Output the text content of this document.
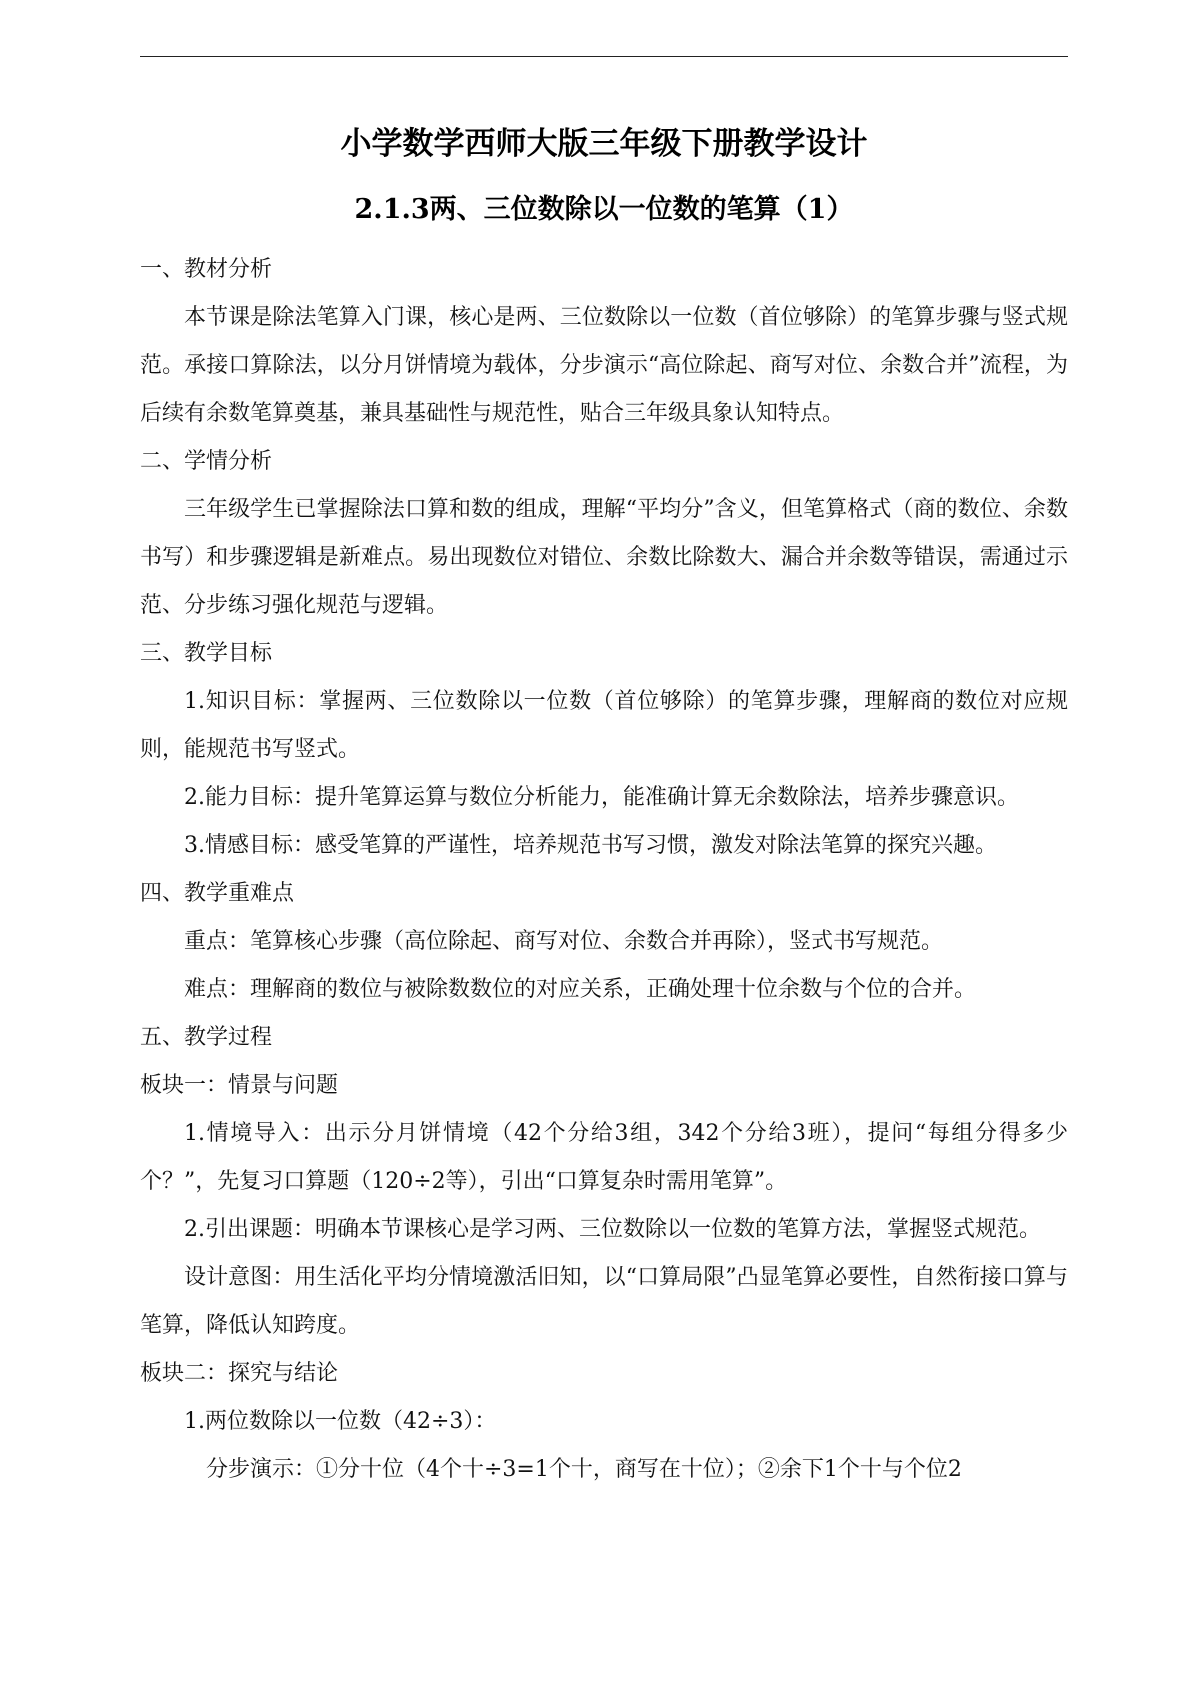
小学数学西师大版三年级下册教学设计
2.1.3两、三位数除以一位数的笔算（1）

一、教材分析

本节课是除法笔算入门课，核心是两、三位数除以一位数（首位够除）的笔算步骤与竖式规范。承接口算除法，以分月饼情境为载体，分步演示“高位除起、商写对位、余数合并”流程，为后续有余数笔算奠基，兼具基础性与规范性，贴合三年级具象认知特点。

二、学情分析

三年级学生已掌握除法口算和数的组成，理解“平均分”含义，但笔算格式（商的数位、余数书写）和步骤逻辑是新难点。易出现数位对错位、余数比除数大、漏合并余数等错误，需通过示范、分步练习强化规范与逻辑。

三、教学目标

1.知识目标：掌握两、三位数除以一位数（首位够除）的笔算步骤，理解商的数位对应规则，能规范书写竖式。

2.能力目标：提升笔算运算与数位分析能力，能准确计算无余数除法，培养步骤意识。

3.情感目标：感受笔算的严谨性，培养规范书写习惯，激发对除法笔算的探究兴趣。

四、教学重难点

重点：笔算核心步骤（高位除起、商写对位、余数合并再除），竖式书写规范。

难点：理解商的数位与被除数数位的对应关系，正确处理十位余数与个位的合并。

五、教学过程

板块一：情景与问题

1.情境导入：出示分月饼情境（42个分给3组，342个分给3班），提问“每组分得多少个？”，先复习口算题（120÷2等），引出“口算复杂时需用笔算”。

2.引出课题：明确本节课核心是学习两、三位数除以一位数的笔算方法，掌握竖式规范。

设计意图：用生活化平均分情境激活旧知，以“口算局限”凸显笔算必要性，自然衔接口算与笔算，降低认知跨度。

板块二：探究与结论

1.两位数除以一位数（42÷3）：

分步演示：①分十位（4个十÷3=1个十，商写在十位）；②余下1个十与个位2
